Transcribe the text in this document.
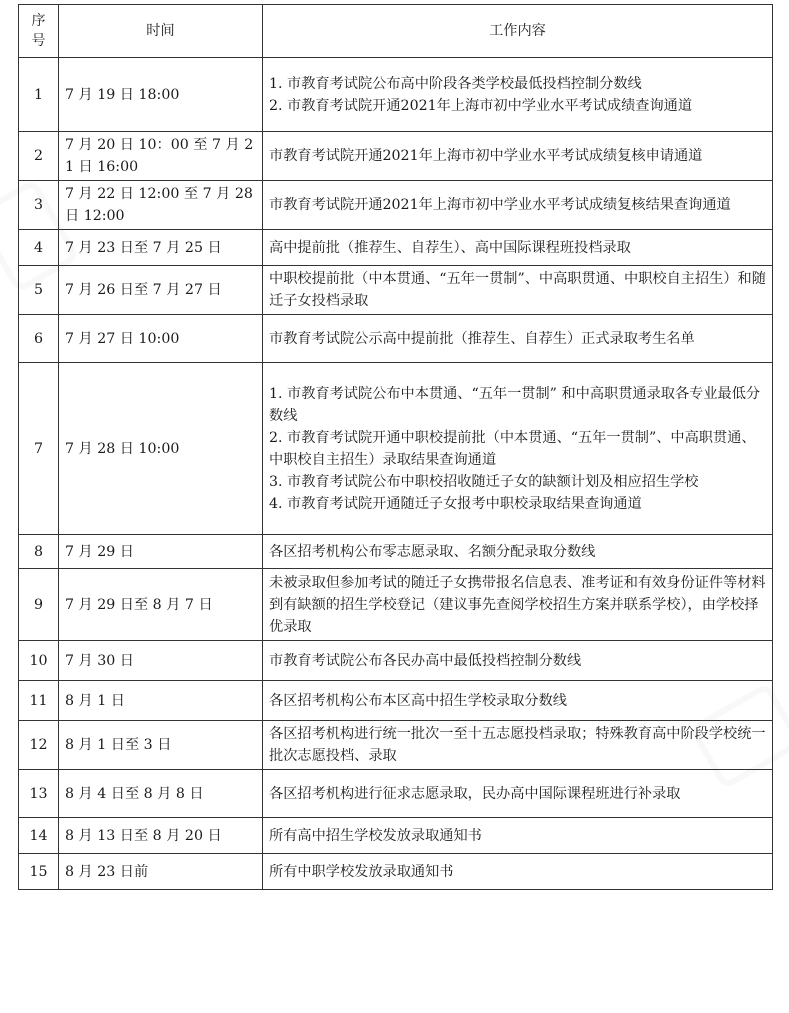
序号	时间	工作内容
1	7 月 19 日 18:00	1. 市教育考试院公布高中阶段各类学校最低投档控制分数线
2. 市教育考试院开通2021年上海市初中学业水平考试成绩查询通道

2	7 月 20 日 10：00 至 7 月 21 日 16:00	市教育考试院开通2021年上海市初中学业水平考试成绩复核申请通道

3	7 月 22 日 12:00 至 7 月 28 日 12:00	市教育考试院开通2021年上海市初中学业水平考试成绩复核结果查询通道

4	7 月 23 日至 7 月 25 日	高中提前批（推荐生、自荐生）、高中国际课程班投档录取

5	7 月 26 日至 7 月 27 日	中职校提前批（中本贯通、“五年一贯制”、中高职贯通、中职校自主招生）和随迁子女投档录取

6	7 月 27 日 10:00	市教育考试院公示高中提前批（推荐生、自荐生）正式录取考生名单

7	7 月 28 日 10:00	1. 市教育考试院公布中本贯通、“五年一贯制” 和中高职贯通录取各专业最低分数线
2. 市教育考试院开通中职校提前批（中本贯通、“五年一贯制”、中高职贯通、中职校自主招生）录取结果查询通道
3. 市教育考试院公布中职校招收随迁子女的缺额计划及相应招生学校
4. 市教育考试院开通随迁子女报考中职校录取结果查询通道

8	7 月 29 日	各区招考机构公布零志愿录取、名额分配录取分数线

9	7 月 29 日至 8 月 7 日	未被录取但参加考试的随迁子女携带报名信息表、准考证和有效身份证件等材料到有缺额的招生学校登记（建议事先查阅学校招生方案并联系学校），由学校择优录取

10	7 月 30 日	市教育考试院公布各民办高中最低投档控制分数线

11	8 月 1 日	各区招考机构公布本区高中招生学校录取分数线

12	8 月 1 日至 3 日	各区招考机构进行统一批次一至十五志愿投档录取；特殊教育高中阶段学校统一批次志愿投档、录取

13	8 月 4 日至 8 月 8 日	各区招考机构进行征求志愿录取，民办高中国际课程班进行补录取

14	8 月 13 日至 8 月 20 日	所有高中招生学校发放录取通知书

15	8 月 23 日前	所有中职学校发放录取通知书
